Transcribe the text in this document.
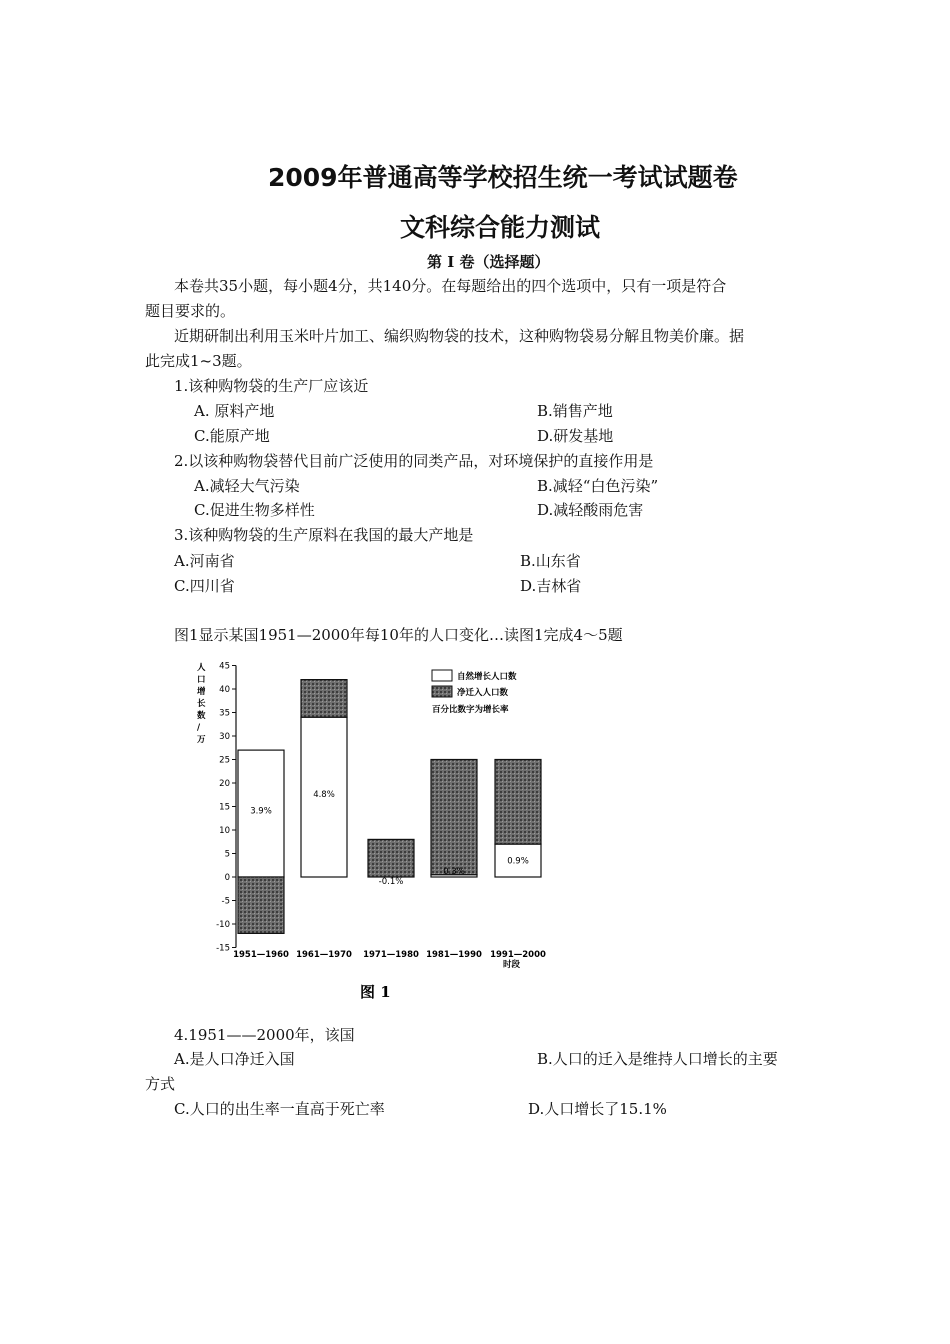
2009年普通高等学校招生统一考试试题卷
文科综合能力测试
第 I 卷（选择题）
本卷共35小题，每小题4分，共140分。在每题给出的四个选项中，只有一项是符合
题目要求的。
近期研制出利用玉米叶片加工、编织购物袋的技术，这种购物袋易分解且物美价廉。据
此完成1~3题。
1.该种购物袋的生产厂应该近
A. 原料产地	B.销售产地
C.能原产地	D.研发基地
2.以该种购物袋替代目前广泛使用的同类产品，对环境保护的直接作用是
A.减轻大气污染	B.减轻“白色污染”
C.促进生物多样性	D.减轻酸雨危害
3.该种购物袋的生产原料在我国的最大产地是
A.河南省	B.山东省
C.四川省	D.吉林省
图1显示某国1951—2000年每10年的人口变化…读图1完成4～5题
45
40
35
30
25
20
15
10
5
0
-5
-10
-15
3.9%
4.8%
-0.1%
0.3%
0.9%
1951—1960 1961—1970 1971—1980 1981—1990 1991—2000
人口增长数/万
自然增长人口数
净迁入人口数
百分比数字为增长率
时段
图 1
4.1951——2000年，该国
A.是人口净迁入国	B.人口的迁入是维持人口增长的主要
方式
C.人口的出生率一直高于死亡率	D.人口增长了15.1%
